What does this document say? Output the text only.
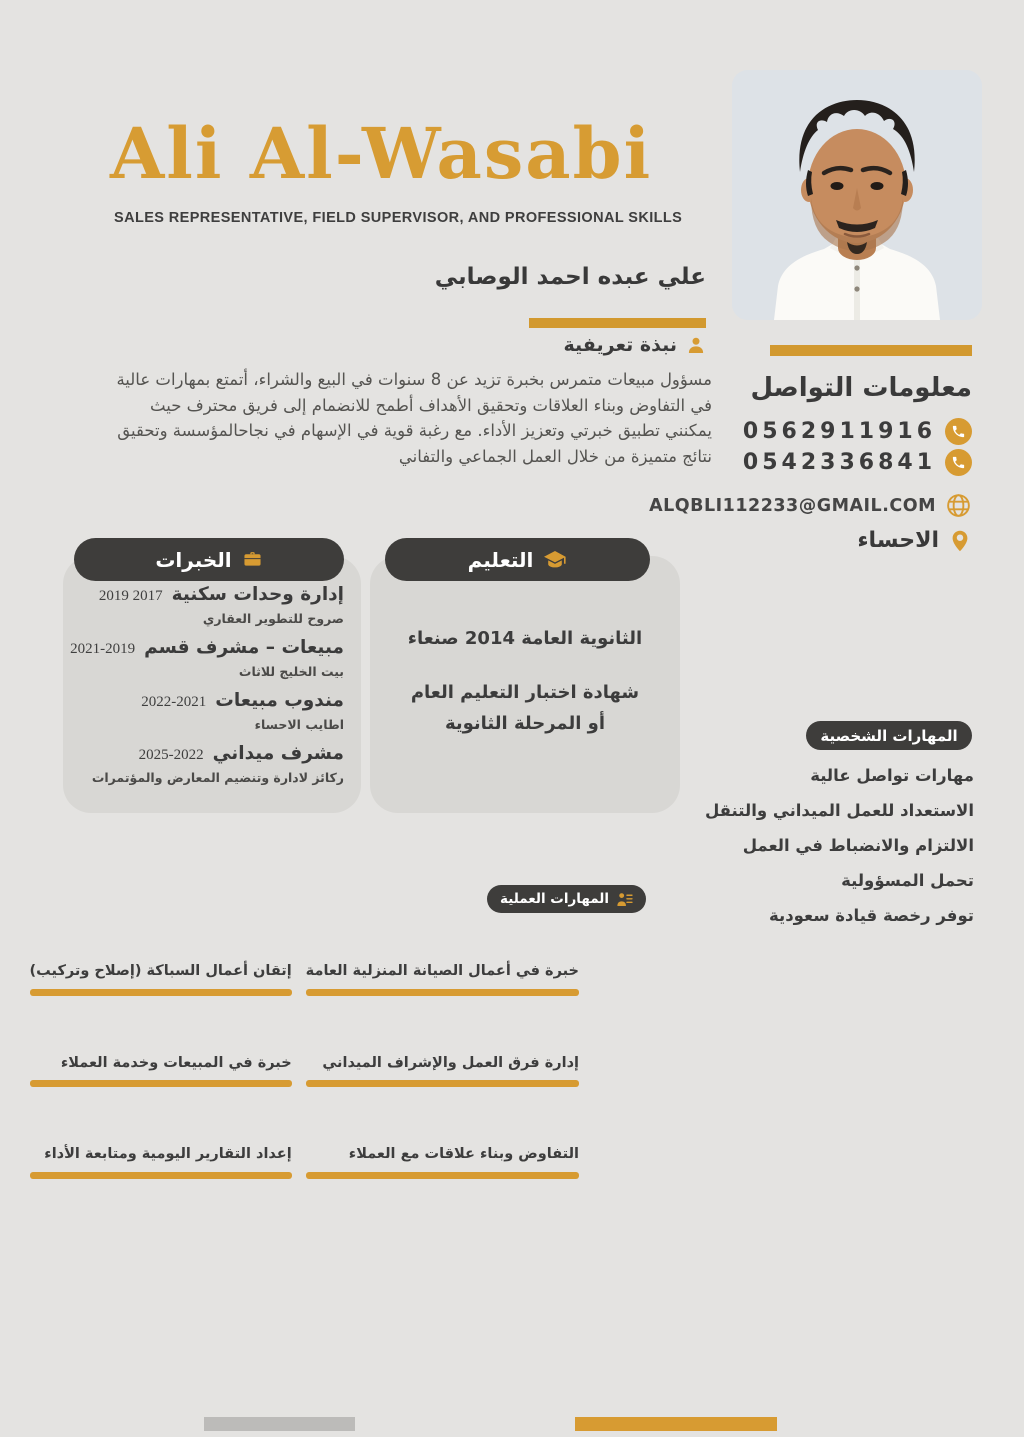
Ali Al-Wasabi
SALES REPRESENTATIVE, FIELD SUPERVISOR, AND PROFESSIONAL SKILLS
علي عبده احمد الوصابي
نبذة تعريفية
مسؤول مبيعات متمرس بخبرة تزيد عن 8 سنوات في البيع والشراء، أتمتع بمهارات عالية في التفاوض وبناء العلاقات وتحقيق الأهداف أطمح للانضمام إلى فريق محترف حيث يمكنني تطبيق خبرتي وتعزيز الأداء. مع رغبة قوية في الإسهام في نجاحالمؤسسة وتحقيق نتائج متميزة من خلال العمل الجماعي والتفاني
معلومات التواصل
0562911916
0542336841
ALQBLI112233@GMAIL.COM
الاحساء
الخبرات
إدارة وحدات سكنية2017 2019
صروح للتطوير العقاري
مبيعات – مشرف قسم2019-2021
بيت الخليج للاثاث
مندوب مبيعات2021-2022
اطايب الاحساء
مشرف ميداني2022-2025
ركائز لادارة وتنضيم المعارض والمؤتمرات
التعليم
الثانوية العامة 2014 صنعاء
شهادة اختبار التعليم العام
أو المرحلة الثانوية
المهارات الشخصية
مهارات تواصل عالية
الاستعداد للعمل الميداني والتنقل
الالتزام والانضباط في العمل
تحمل المسؤولية
توفر رخصة قيادة سعودية
المهارات العملية
خبرة في أعمال الصيانة المنزلية العامة
إتقان أعمال السباكة (إصلاح وتركيب)
إدارة فرق العمل والإشراف الميداني
خبرة في المبيعات وخدمة العملاء
التفاوض وبناء علاقات مع العملاء
إعداد التقارير اليومية ومتابعة الأداء
